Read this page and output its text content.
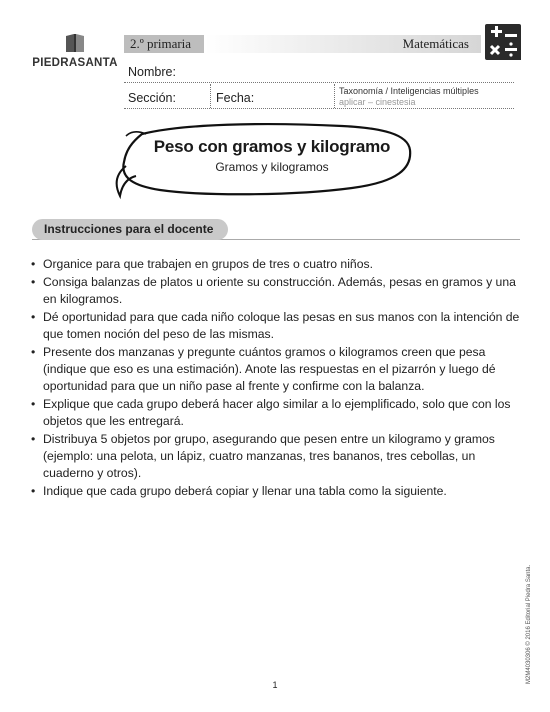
PIEDRASANTA
2.º primaria	Matemáticas
Nombre:
Sección:	Fecha:	Taxonomía / Inteligencias múltiples
aplicar – cinestesia
Peso con gramos y kilogramo
Gramos y kilogramos
Instrucciones para el docente
• Organice para que trabajen en grupos de tres o cuatro niños.
• Consiga balanzas de platos u oriente su construcción. Además, pesas en gramos y una en kilogramos.
• Dé oportunidad para que cada niño coloque las pesas en sus manos con la intención de que tomen noción del peso de las mismas.
• Presente dos manzanas y pregunte cuántos gramos o kilogramos creen que pesa (indique que eso es una estimación). Anote las respuestas en el pizarrón y luego dé oportunidad para que un niño pase al frente y confirme con la balanza.
• Explique que cada grupo deberá hacer algo similar a lo ejemplificado, solo que con los objetos que les entregará.
• Distribuya 5 objetos por grupo, asegurando que pesen entre un kilogramo y gramos (ejemplo: una pelota, un lápiz, cuatro manzanas, tres bananos, tres cebollas, un cuaderno y otros).
• Indique que cada grupo deberá copiar y llenar una tabla como la siguiente.
1
M2M4030306 © 2016 Editorial Piedra Santa.
